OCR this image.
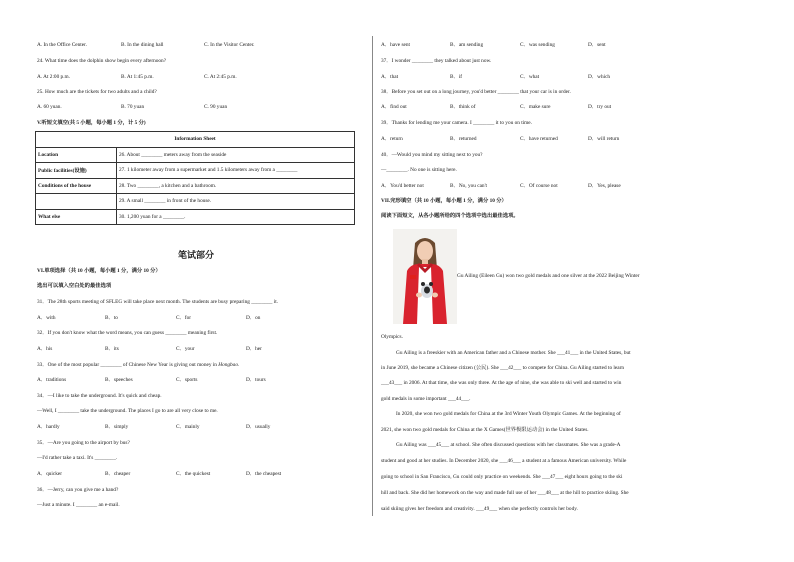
A. In the Office Center.	B. In the dining hall	C. In the Visitor Center.
24. What time does the dolphin show begin every afternoon?
A. At 2:00 p.m.	B. At 1:45 p.m.	C. At 2:45 p.m.
25. How much are the tickets for two adults and a child?
A. 60 yuan.	B. 70 yuan	C. 90 yuan
V.听短文填空(共 5 小题，每小题 1 分，计 5 分)
Information Sheet	
Location	26. About ________ meters away from the seaside
Public facilities(设施)	27. 1 kilometer away from a supermarket and 1.5 kilometers away from a ________
Conditions of the house	28. Two ________, a kitchen and a bathroom.
	29. A small ________ in front of the house.
What else	30. 1,200 yuan for a ________.
笔试部分
VI.单项选择（共 10 小题，每小题 1 分，满分 10 分）
选出可以填入空白处的最佳选项
31．The 28th sports meeting of SFLEG will take place next month. The students are busy preparing ________ it.
A．with	B．to	C．for	D．on
32．If you don't know what the word means, you can guess ________ meaning first.
A．his	B．its	C．your	D．her
33．One of the most popular ________ of Chinese New Year is giving out money in Hongbao.
A．traditions	B．speeches	C．sports	D．tours
34．—I like to take the underground. It's quick and cheap.
—Well, I ________ take the underground. The places I go to are all very close to me.
A．hardly	B．simply	C．mainly	D．usually
35．—Are you going to the airport by bus?
—I'd rather take a taxi. It's ________.
A．quicker	B．cheaper	C．the quickest	D．the cheapest
36．—Jerry, can you give me a hand?
—Just a minute. I ________ an e-mail.
A．have sent	B．am sending	C．was sending	D．sent
37．I wonder ________ they talked about just now.
A．that	B．if	C．what	D．which
38．Before you set out on a long journey, you'd better ________ that your car is in order.
A．find out	B．think of	C．make sure	D．try out
39．Thanks for lending me your camera. I ________ it to you on time.
A．return	B．returned	C．have returned	D．will return
40．—Would you mind my sitting next to you?
—________. No one is sitting here.
A．You'd better not	B．No, you can't	C．Of course not	D．Yes, please
VII.完形填空（共 10 小题，每小题 1 分，满分 10 分）
阅读下面短文，从各小题所给的四个选项中选出最佳选项。
Gu Ailing (Eileen Gu) won two gold medals and one silver at the 2022 Beijing Winter
Olympics.
Gu Ailing is a freeskier with an American father and a Chinese mother. She ___41___ in the United States, but
in June 2019, she became a Chinese citizen (公民). She ___42___ to compete for China. Gu Ailing started to learn
___43___ in 2006. At that time, she was only three. At the age of nine, she was able to ski well and started to win
gold medals in some important ___44___.
In 2020, she won two gold medals for China at the 3rd Winter Youth Olympic Games. At the beginning of
2021, she won two gold medals for China at the X Games(世界极限运动会) in the United States.
Gu Ailing was ___45___ at school. She often discussed questions with her classmates. She was a grade-A
student and good at her studies. In December 2020, she ___46___ a student at a famous American university. While
going to school in San Francisco, Gu could only practice on weekends. She ___47___ eight hours going to the ski
hill and back. She did her homework on the way and made full use of her ___48___ at the hill to practice skiing. She
said skiing gives her freedom and creativity. ___49___ when she perfectly controls her body.
